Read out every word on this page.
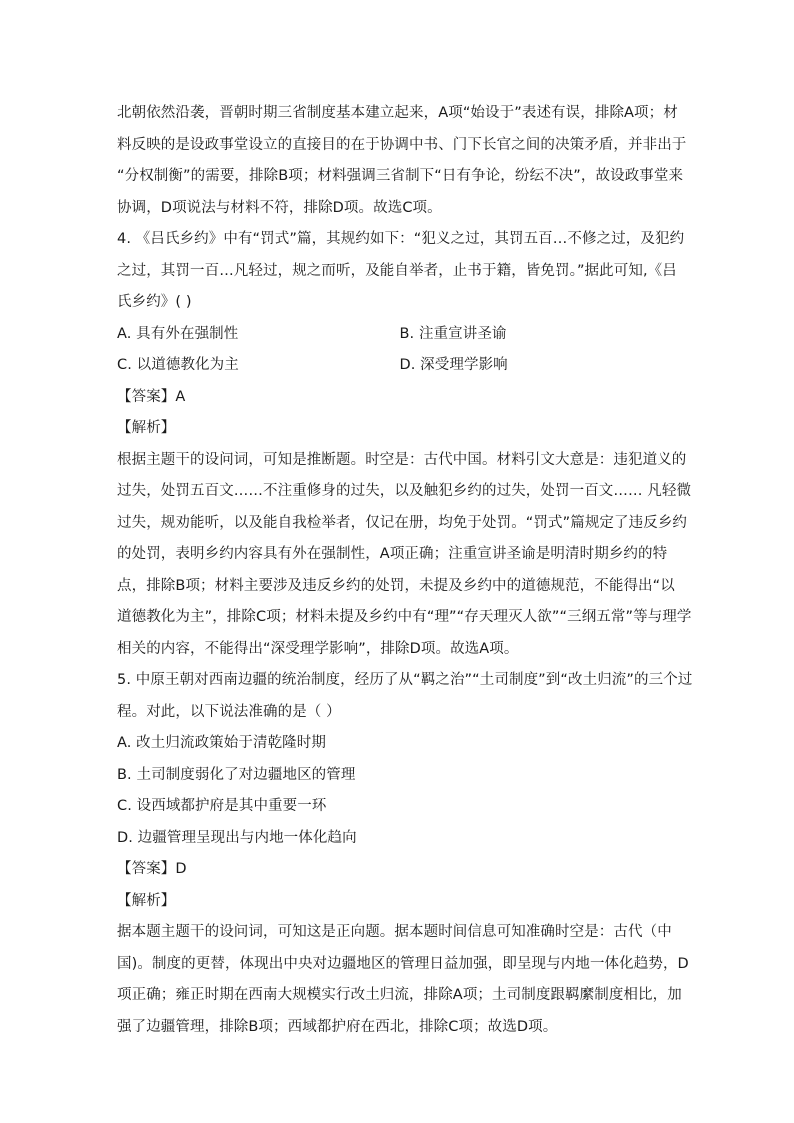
北朝依然沿袭，晋朝时期三省制度基本建立起来，A项“始设于”表述有误，排除A项；材
料反映的是设政事堂设立的直接目的在于协调中书、门下长官之间的决策矛盾，并非出于
“分权制衡”的需要，排除B项；材料强调三省制下“日有争论，纷纭不决”，故设政事堂来
协调，D项说法与材料不符，排除D项。故选C项。
4. 《吕氏乡约》中有“罚式”篇，其规约如下：“犯义之过，其罚五百…不修之过，及犯约
之过，其罚一百…凡轻过，规之而听，及能自举者，止书于籍，皆免罚。”据此可知,《吕
氏乡约》( )
A. 具有外在强制性	B. 注重宣讲圣谕
C. 以道德教化为主	D. 深受理学影响
【答案】A
【解析】
根据主题干的设问词，可知是推断题。时空是：古代中国。材料引文大意是：违犯道义的
过失，处罚五百文……不注重修身的过失，以及触犯乡约的过失，处罚一百文…… 凡轻微
过失，规劝能听，以及能自我检举者，仅记在册，均免于处罚。“罚式”篇规定了违反乡约
的处罚，表明乡约内容具有外在强制性，A项正确；注重宣讲圣谕是明清时期乡约的特
点，排除B项；材料主要涉及违反乡约的处罚，未提及乡约中的道德规范，不能得出“以
道德教化为主”，排除C项；材料未提及乡约中有“理”“存天理灭人欲”“三纲五常”等与理学
相关的内容，不能得出“深受理学影响”，排除D项。故选A项。
5. 中原王朝对西南边疆的统治制度，经历了从“羁之治”“土司制度”到“改土归流”的三个过
程。对此，以下说法准确的是（ ）
A. 改土归流政策始于清乾隆时期
B. 土司制度弱化了对边疆地区的管理
C. 设西域都护府是其中重要一环
D. 边疆管理呈现出与内地一体化趋向
【答案】D
【解析】
据本题主题干的设问词，可知这是正向题。据本题时间信息可知准确时空是：古代（中
国)。制度的更替，体现出中央对边疆地区的管理日益加强，即呈现与内地一体化趋势，D
项正确；雍正时期在西南大规模实行改土归流，排除A项；土司制度跟羁縻制度相比，加
强了边疆管理，排除B项；西域都护府在西北，排除C项；故选D项。
